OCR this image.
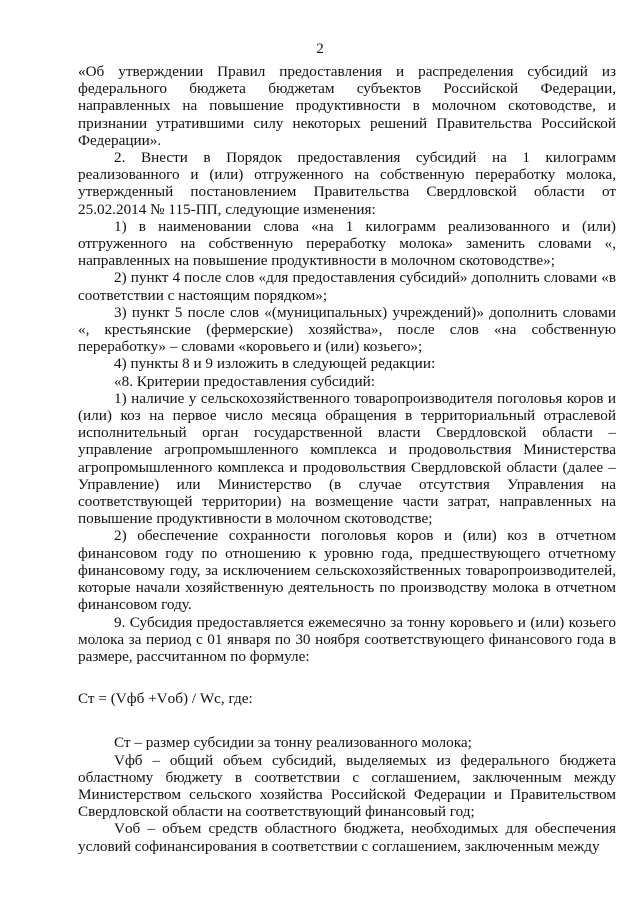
2

«Об утверждении Правил предоставления и распределения субсидий из федерального бюджета бюджетам субъектов Российской Федерации, направленных на повышение продуктивности в молочном скотоводстве, и признании утратившими силу некоторых решений Правительства Российской Федерации».

2. Внести в Порядок предоставления субсидий на 1 килограмм реализованного и (или) отгруженного на собственную переработку молока, утвержденный постановлением Правительства Свердловской области от 25.02.2014 № 115-ПП, следующие изменения:

1) в наименовании слова «на 1 килограмм реализованного и (или) отгруженного на собственную переработку молока» заменить словами «, направленных на повышение продуктивности в молочном скотоводстве»;

2) пункт 4 после слов «для предоставления субсидий» дополнить словами «в соответствии с настоящим порядком»;

3) пункт 5 после слов «(муниципальных) учреждений)» дополнить словами «, крестьянские (фермерские) хозяйства», после слов «на собственную переработку» – словами «коровьего и (или) козьего»;

4) пункты 8 и 9 изложить в следующей редакции:

«8. Критерии предоставления субсидий:

1) наличие у сельскохозяйственного товаропроизводителя поголовья коров и (или) коз на первое число месяца обращения в территориальный отраслевой исполнительный орган государственной власти Свердловской области – управление агропромышленного комплекса и продовольствия Министерства агропромышленного комплекса и продовольствия Свердловской области (далее – Управление) или Министерство (в случае отсутствия Управления на соответствующей территории) на возмещение части затрат, направленных на повышение продуктивности в молочном скотоводстве;

2) обеспечение сохранности поголовья коров и (или) коз в отчетном финансовом году по отношению к уровню года, предшествующего отчетному финансовому году, за исключением сельскохозяйственных товаропроизводителей, которые начали хозяйственную деятельность по производству молока в отчетном финансовом году.

9. Субсидия предоставляется ежемесячно за тонну коровьего и (или) козьего молока за период с 01 января по 30 ноября соответствующего финансового года в размере, рассчитанном по формуле:

Ст = (Vфб +Vоб) / Wс, где:

Ст – размер субсидии за тонну реализованного молока;

Vфб – общий объем субсидий, выделяемых из федерального бюджета областному бюджету в соответствии с соглашением, заключенным между Министерством сельского хозяйства Российской Федерации и Правительством Свердловской области на соответствующий финансовый год;

Vоб – объем средств областного бюджета, необходимых для обеспечения условий софинансирования в соответствии с соглашением, заключенным между
